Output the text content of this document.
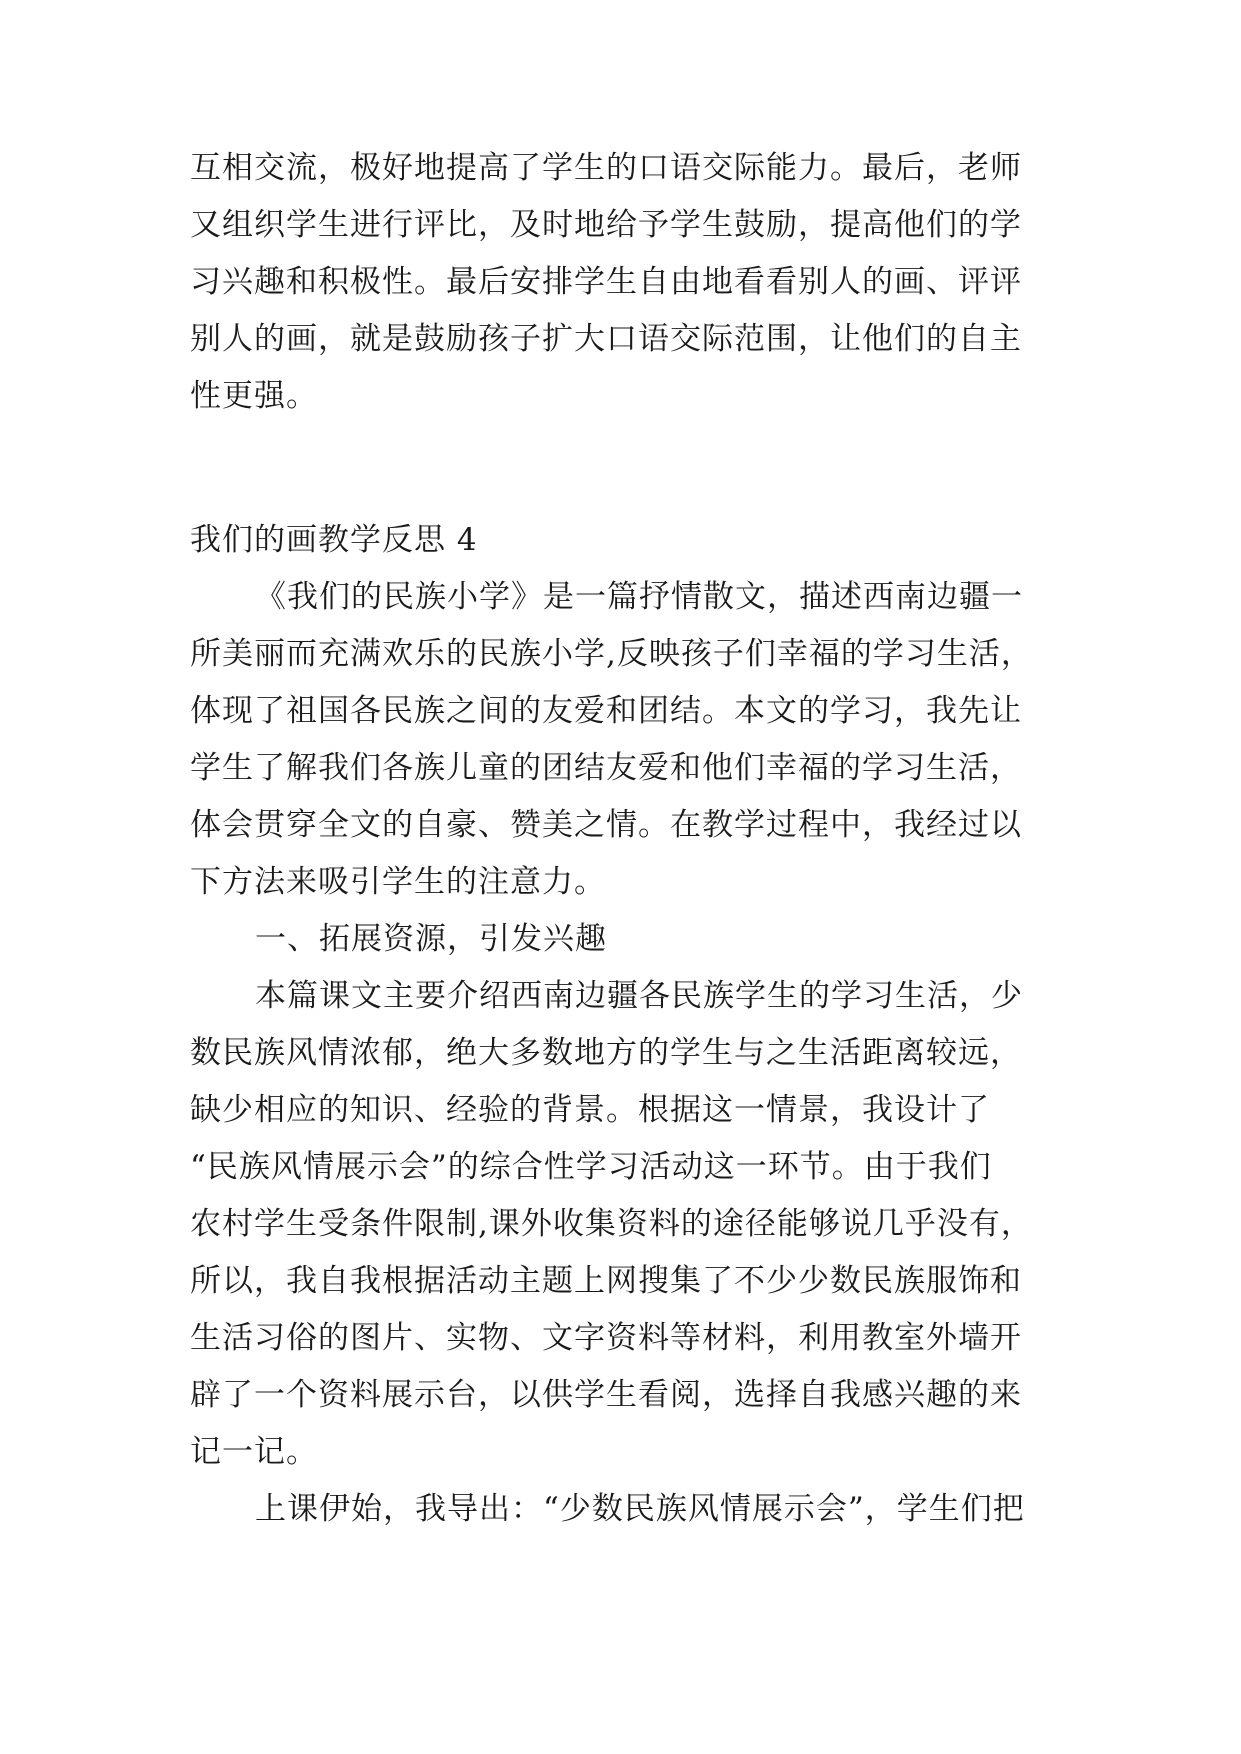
互相交流，极好地提高了学生的口语交际能力。最后，老师
又组织学生进行评比，及时地给予学生鼓励，提高他们的学
习兴趣和积极性。最后安排学生自由地看看别人的画、评评
别人的画，就是鼓励孩子扩大口语交际范围，让他们的自主
性更强。
我们的画教学反思 4
《我们的民族小学》是一篇抒情散文，描述西南边疆一
所美丽而充满欢乐的民族小学,反映孩子们幸福的学习生活，
体现了祖国各民族之间的友爱和团结。本文的学习，我先让
学生了解我们各族儿童的团结友爱和他们幸福的学习生活，
体会贯穿全文的自豪、赞美之情。在教学过程中，我经过以
下方法来吸引学生的注意力。
一、拓展资源，引发兴趣
本篇课文主要介绍西南边疆各民族学生的学习生活，少
数民族风情浓郁，绝大多数地方的学生与之生活距离较远，
缺少相应的知识、经验的背景。根据这一情景，我设计了
“民族风情展示会”的综合性学习活动这一环节。由于我们
农村学生受条件限制,课外收集资料的途径能够说几乎没有，
所以，我自我根据活动主题上网搜集了不少少数民族服饰和
生活习俗的图片、实物、文字资料等材料，利用教室外墙开
辟了一个资料展示台，以供学生看阅，选择自我感兴趣的来
记一记。
上课伊始，我导出：“少数民族风情展示会”，学生们把
